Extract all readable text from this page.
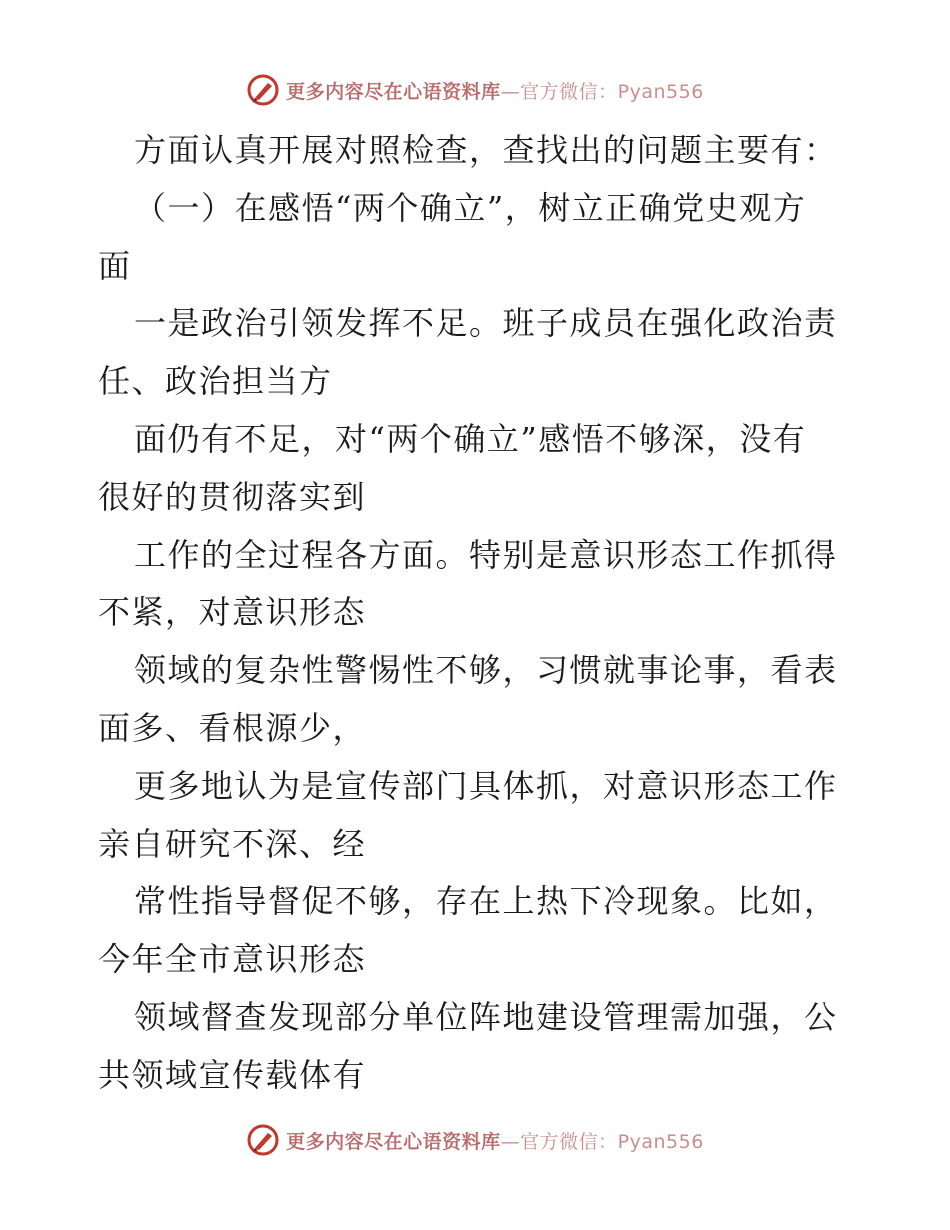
更多内容尽在心语资料库—官方微信：Pyan556
方面认真开展对照检查，查找出的问题主要有：
（一）在感悟“两个确立”，树立正确党史观方
面
一是政治引领发挥不足。班子成员在强化政治责
任、政治担当方
面仍有不足，对“两个确立”感悟不够深，没有
很好的贯彻落实到
工作的全过程各方面。特别是意识形态工作抓得
不紧，对意识形态
领域的复杂性警惕性不够，习惯就事论事，看表
面多、看根源少，
更多地认为是宣传部门具体抓，对意识形态工作
亲自研究不深、经
常性指导督促不够，存在上热下冷现象。比如，
今年全市意识形态
领域督查发现部分单位阵地建设管理需加强，公
共领域宣传载体有
更多内容尽在心语资料库—官方微信：Pyan556
